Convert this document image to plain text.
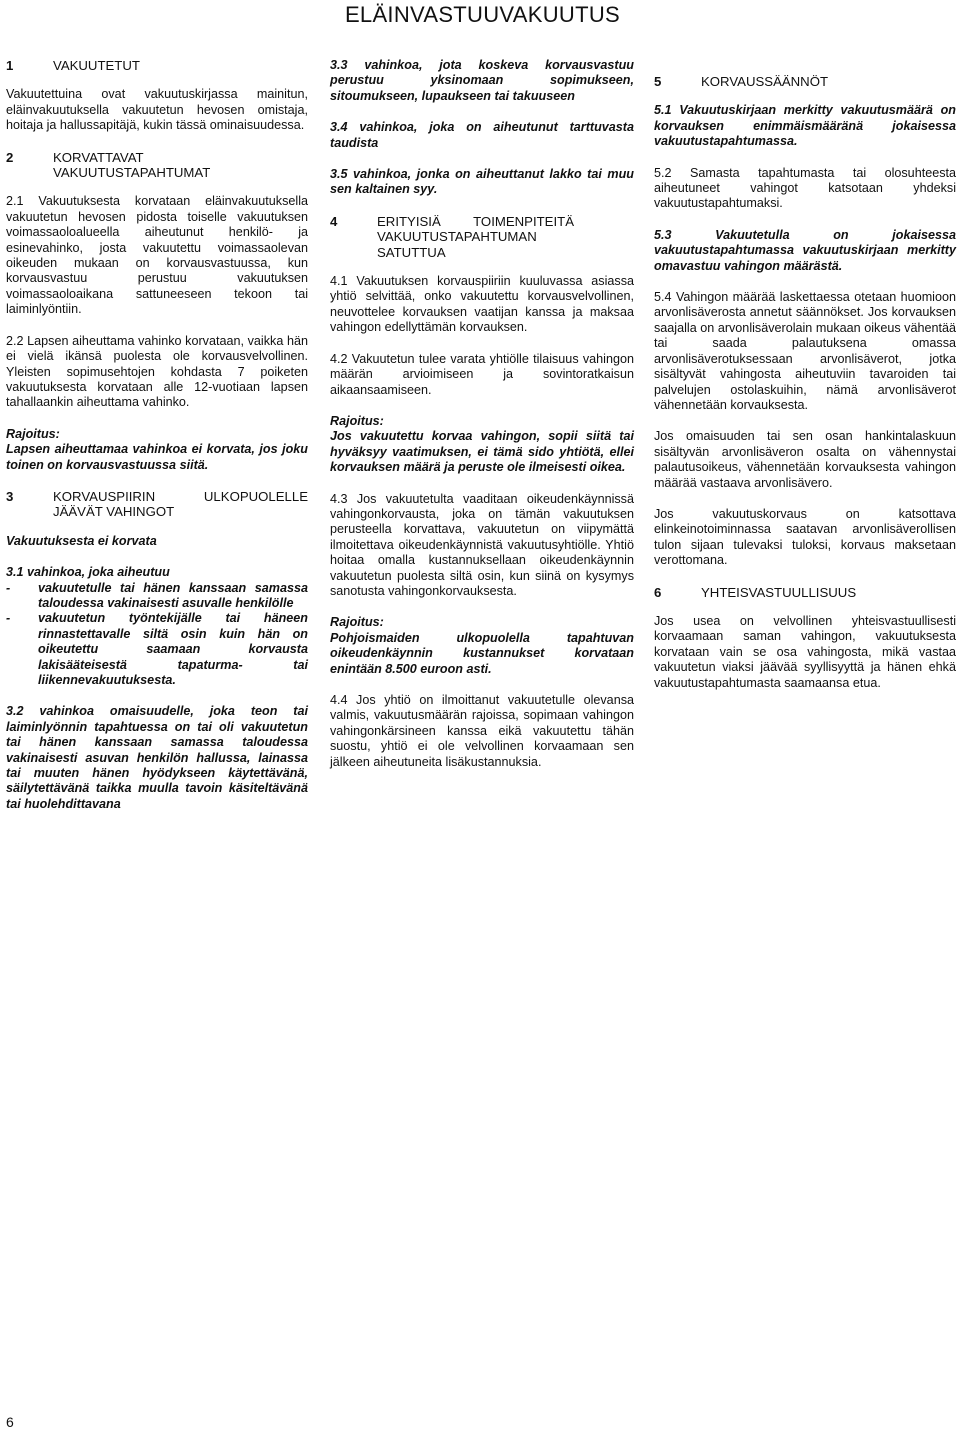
ELÄINVASTUUVAKUUTUS
1	VAKUUTETUT

Vakuutettuina ovat vakuutuskirjassa mainitun, eläinvakuutuksella vakuutetun hevosen omistaja, hoitaja ja hallussapitäjä, kukin tässä ominaisuudessa.

2	KORVATTAVAT VAKUUTUSTAPAHTUMAT

2.1 Vakuutuksesta korvataan eläinvakuutuksella vakuutetun hevosen pidosta toiselle vakuutuksen voimassaoloalueella aiheutunut henkilö- ja esinevahinko, josta vakuutettu voimassaolevan oikeuden mukaan on korvausvastuussa, kun korvausvastuu perustuu vakuutuksen voimassaoloaikana sattuneeseen tekoon tai laiminlyöntiin.

2.2 Lapsen aiheuttama vahinko korvataan, vaikka hän ei vielä ikänsä puolesta ole korvausvelvollinen. Yleisten sopimusehtojen kohdasta 7 poiketen vakuutuksesta korvataan alle 12-vuotiaan lapsen tahallaankin aiheuttama vahinko.

Rajoitus:
Lapsen aiheuttamaa vahinkoa ei korvata, jos joku toinen on korvausvastuussa siitä.

3	KORVAUSPIIRIN ULKOPUOLELLE JÄÄVÄT VAHINGOT

Vakuutuksesta ei korvata

3.1 vahinkoa, joka aiheutuu
-	vakuutetulle tai hänen kanssaan samassa taloudessa vakinaisesti asuvalle henkilölle
-	vakuutetun työntekijälle tai häneen rinnastettavalle siltä osin kuin hän on oikeutettu saamaan korvausta lakisääteisestä tapaturma- tai liikennevakuutuksesta.

3.2 vahinkoa omaisuudelle, joka teon tai laiminlyönnin tapahtuessa on tai oli vakuutetun tai hänen kanssaan samassa taloudessa vakinaisesti asuvan henkilön hallussa, lainassa tai muuten hänen hyödykseen käytettävänä, säilytettävänä taikka muulla tavoin käsiteltävänä tai huolehdittavana

3.3 vahinkoa, jota koskeva korvausvastuu perustuu yksinomaan sopimukseen, sitoumukseen, lupaukseen tai takuuseen

3.4 vahinkoa, joka on aiheutunut tarttuvasta taudista

3.5 vahinkoa, jonka on aiheuttanut lakko tai muu sen kaltainen syy.

4	ERITYISIÄ TOIMENPITEITÄ VAKUUTUSTAPAHTUMAN SATUTTUA

4.1 Vakuutuksen korvauspiiriin kuuluvassa asiassa yhtiö selvittää, onko vakuutettu korvausvelvollinen, neuvottelee korvauksen vaatijan kanssa ja maksaa vahingon edellyttämän korvauksen.

4.2 Vakuutetun tulee varata yhtiölle tilaisuus vahingon määrän arvioimiseen ja sovintoratkaisun aikaansaamiseen.

Rajoitus:
Jos vakuutettu korvaa vahingon, sopii siitä tai hyväksyy vaatimuksen, ei tämä sido yhtiötä, ellei korvauksen määrä ja peruste ole ilmeisesti oikea.

4.3 Jos vakuutetulta vaaditaan oikeudenkäynnissä vahingonkorvausta, joka on tämän vakuutuksen perusteella korvattava, vakuutetun on viipymättä ilmoitettava oikeudenkäynnistä vakuutusyhtiölle. Yhtiö hoitaa omalla kustannuksellaan oikeudenkäynnin vakuutetun puolesta siltä osin, kun siinä on kysymys sanotusta vahingonkorvauksesta.

Rajoitus:
Pohjoismaiden ulkopuolella tapahtuvan oikeudenkäynnin kustannukset korvataan enintään 8.500 euroon asti.

4.4 Jos yhtiö on ilmoittanut vakuutetulle olevansa valmis, vakuutusmäärän rajoissa, sopimaan vahingon vahingonkärsineen kanssa eikä vakuutettu tähän suostu, yhtiö ei ole velvollinen korvaamaan sen jälkeen aiheutuneita lisäkustannuksia.

5	KORVAUSSÄÄNNÖT

5.1 Vakuutuskirjaan merkitty vakuutusmäärä on korvauksen enimmäismääränä jokaisessa vakuutustapahtumassa.

5.2 Samasta tapahtumasta tai olosuhteesta aiheutuneet vahingot katsotaan yhdeksi vakuutustapahtumaksi.

5.3 Vakuutetulla on jokaisessa vakuutustapahtumassa vakuutuskirjaan merkitty omavastuu vahingon määrästä.

5.4 Vahingon määrää laskettaessa otetaan huomioon arvonlisäverosta annetut säännökset. Jos korvauksen saajalla on arvonlisäverolain mukaan oikeus vähentää tai saada palautuksena omassa arvonlisäverotuksessaan arvonlisäverot, jotka sisältyvät vahingosta aiheutuviin tavaroiden tai palvelujen ostolaskuihin, nämä arvonlisäverot vähennetään korvauksesta.

Jos omaisuuden tai sen osan hankintalaskuun sisältyvän arvonlisäveron osalta on vähennystai palautusoikeus, vähennetään korvauksesta vahingon määrää vastaava arvonlisävero.

Jos vakuutuskorvaus on katsottava elinkeinotoiminnassa saatavan arvonlisäverollisen tulon sijaan tulevaksi tuloksi, korvaus maksetaan verottomana.

6	YHTEISVASTUULLISUUS

Jos usea on velvollinen yhteisvastuullisesti korvaamaan saman vahingon, vakuutuksesta korvataan vain se osa vahingosta, mikä vastaa vakuutetun viaksi jäävää syyllisyyttä ja hänen ehkä vakuutustapahtumasta saamaansa etua.

6
